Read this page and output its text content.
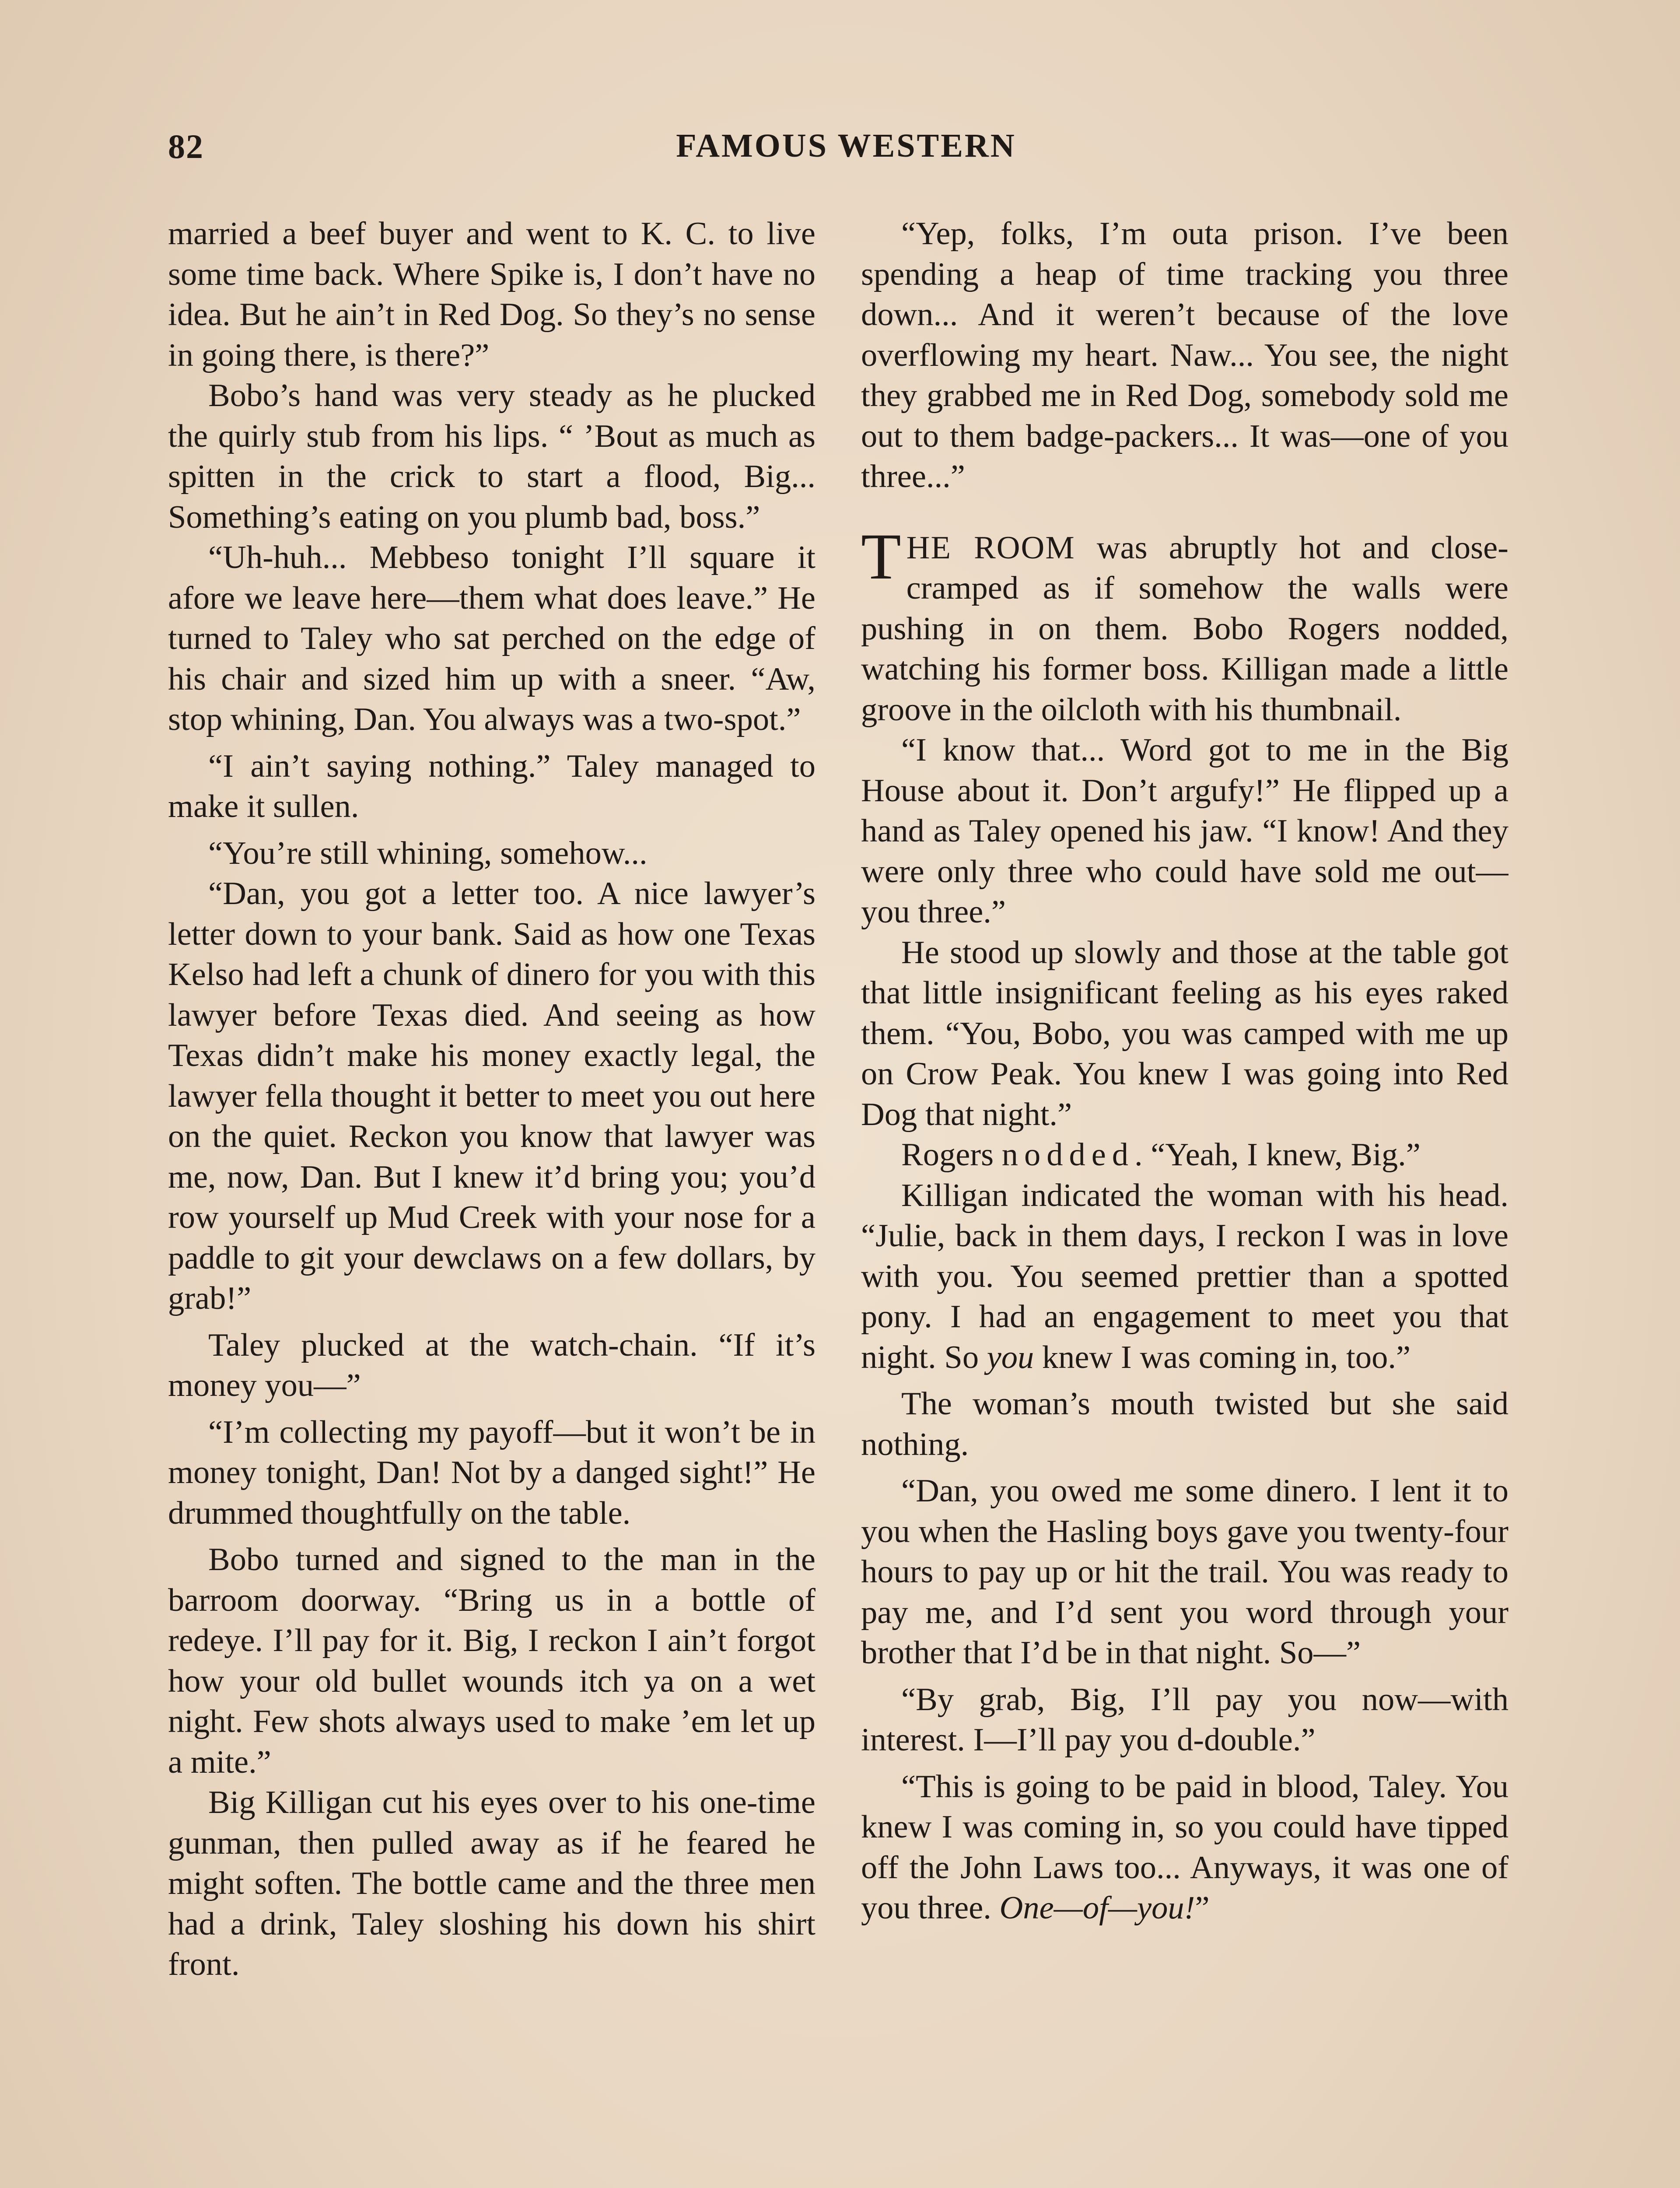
82	FAMOUS WESTERN

married a beef buyer and went to K. C. to live some time back. Where Spike is, I don’t have no idea. But he ain’t in Red Dog. So they’s no sense in going there, is there?”

Bobo’s hand was very steady as he plucked the quirly stub from his lips. “ ’Bout as much as spitten in the crick to start a flood, Big... Something’s eating on you plumb bad, boss.”

“Uh-huh... Mebbeso tonight I’ll square it afore we leave here—them what does leave.” He turned to Taley who sat perched on the edge of his chair and sized him up with a sneer. “Aw, stop whining, Dan. You always was a two-spot.”

“I ain’t saying nothing.” Taley managed to make it sullen.

“You’re still whining, somehow...

“Dan, you got a letter too. A nice lawyer’s letter down to your bank. Said as how one Texas Kelso had left a chunk of dinero for you with this lawyer before Texas died. And seeing as how Texas didn’t make his money exactly legal, the lawyer fella thought it better to meet you out here on the quiet. Reckon you know that lawyer was me, now, Dan. But I knew it’d bring you; you’d row yourself up Mud Creek with your nose for a paddle to git your dewclaws on a few dollars, by grab!”

Taley plucked at the watch-chain. “If it’s money you—”

“I’m collecting my payoff—but it won’t be in money tonight, Dan! Not by a danged sight!” He drummed thoughtfully on the table.

Bobo turned and signed to the man in the barroom doorway. “Bring us in a bottle of redeye. I’ll pay for it. Big, I reckon I ain’t forgot how your old bullet wounds itch ya on a wet night. Few shots always used to make ’em let up a mite.”

Big Killigan cut his eyes over to his one-time gunman, then pulled away as if he feared he might soften. The bottle came and the three men had a drink, Taley sloshing his down his shirt front.

“Yep, folks, I’m outa prison. I’ve been spending a heap of time tracking you three down... And it weren’t because of the love overflowing my heart. Naw... You see, the night they grabbed me in Red Dog, somebody sold me out to them badge-packers... It was—one of you three...”

THE ROOM was abruptly hot and close-cramped as if somehow the walls were pushing in on them. Bobo Rogers nodded, watching his former boss. Killigan made a little groove in the oilcloth with his thumbnail.

“I know that... Word got to me in the Big House about it. Don’t argufy!” He flipped up a hand as Taley opened his jaw. “I know! And they were only three who could have sold me out—you three.”

He stood up slowly and those at the table got that little insignificant feeling as his eyes raked them. “You, Bobo, you was camped with me up on Crow Peak. You knew I was going into Red Dog that night.”

Rogers nodded. “Yeah, I knew, Big.”

Killigan indicated the woman with his head. “Julie, back in them days, I reckon I was in love with you. You seemed prettier than a spotted pony. I had an engagement to meet you that night. So you knew I was coming in, too.”

The woman’s mouth twisted but she said nothing.

“Dan, you owed me some dinero. I lent it to you when the Hasling boys gave you twenty-four hours to pay up or hit the trail. You was ready to pay me, and I’d sent you word through your brother that I’d be in that night. So—”

“By grab, Big, I’ll pay you now—with interest. I—I’ll pay you d-double.”

“This is going to be paid in blood, Taley. You knew I was coming in, so you could have tipped off the John Laws too... Anyways, it was one of you three. One—of—you!”
